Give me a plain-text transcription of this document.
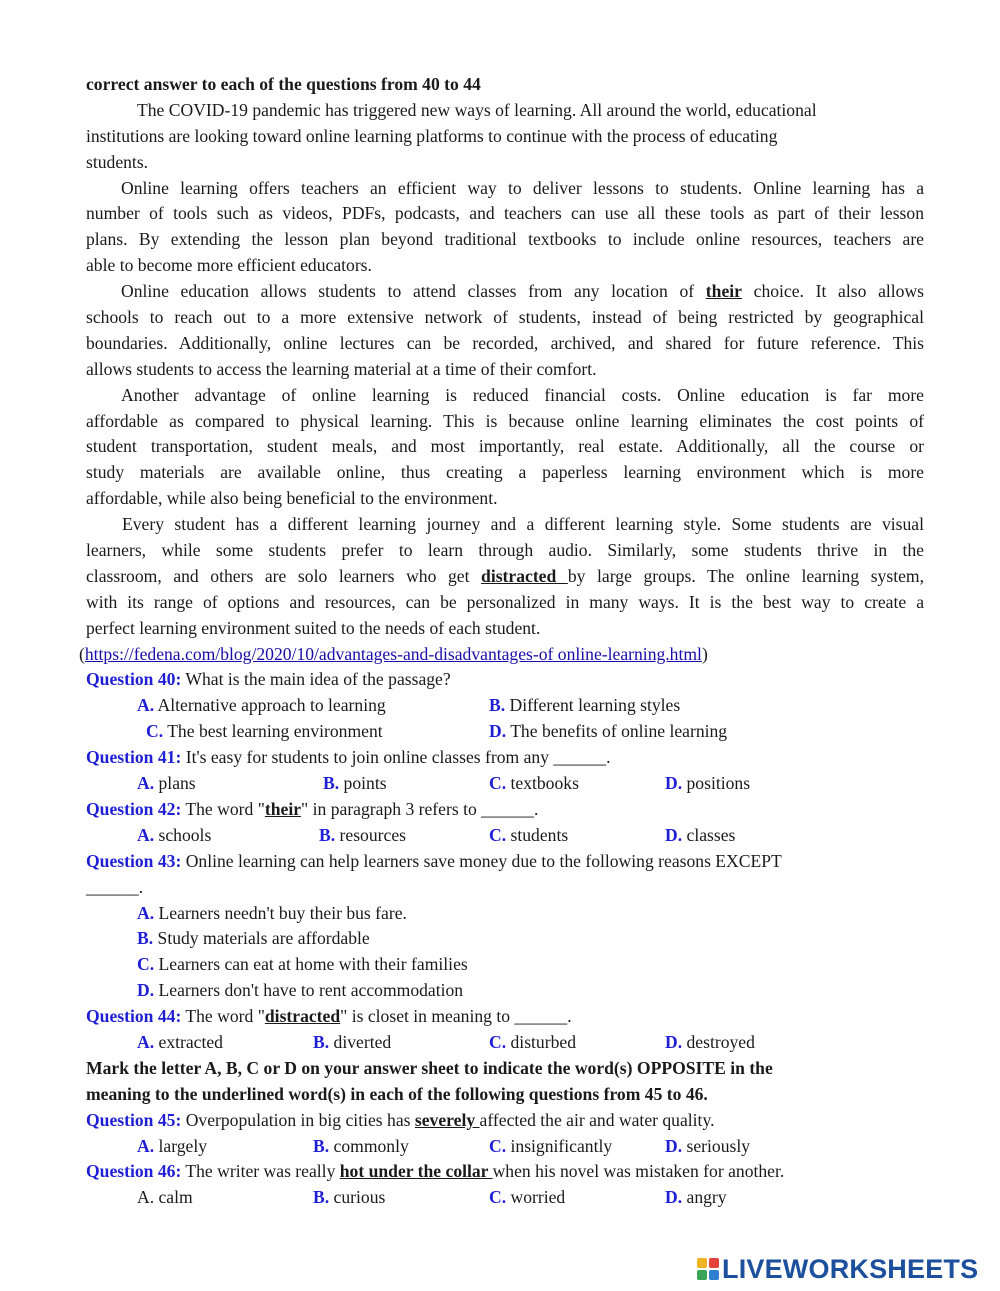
correct answer to each of the questions from 40 to 44
The COVID-19 pandemic has triggered new ways of learning. All around the world, educational
institutions are looking toward online learning platforms to continue with the process of educating
students.
Online learning offers teachers an efficient way to deliver lessons to students. Online learning has a
number of tools such as videos, PDFs, podcasts, and teachers can use all these tools as part of their lesson
plans. By extending the lesson plan beyond traditional textbooks to include online resources, teachers are
able to become more efficient educators.
Online education allows students to attend classes from any location of their choice. It also allows
schools to reach out to a more extensive network of students, instead of being restricted by geographical
boundaries. Additionally, online lectures can be recorded, archived, and shared for future reference. This
allows students to access the learning material at a time of their comfort.
Another advantage of online learning is reduced financial costs. Online education is far more
affordable as compared to physical learning. This is because online learning eliminates the cost points of
student transportation, student meals, and most importantly, real estate. Additionally, all the course or
study materials are available online, thus creating a paperless learning environment which is more
affordable, while also being beneficial to the environment.
Every student has a different learning journey and a different learning style. Some students are visual
learners, while some students prefer to learn through audio. Similarly, some students thrive in the
classroom, and others are solo learners who get distracted by large groups. The online learning system,
with its range of options and resources, can be personalized in many ways. It is the best way to create a
perfect learning environment suited to the needs of each student.
(https://fedena.com/blog/2020/10/advantages-and-disadvantages-of online-learning.html)
Question 40: What is the main idea of the passage?
A. Alternative approach to learning	B. Different learning styles
C. The best learning environment	D. The benefits of online learning
Question 41: It's easy for students to join online classes from any ______.
A. plans	B. points	C. textbooks	D. positions
Question 42: The word "their" in paragraph 3 refers to ______.
A. schools	B. resources	C. students	D. classes
Question 43: Online learning can help learners save money due to the following reasons EXCEPT
______.
A. Learners needn't buy their bus fare.
B. Study materials are affordable
C. Learners can eat at home with their families
D. Learners don't have to rent accommodation
Question 44: The word "distracted" is closet in meaning to ______.
A. extracted	B. diverted	C. disturbed	D. destroyed
Mark the letter A, B, C or D on your answer sheet to indicate the word(s) OPPOSITE in the
meaning to the underlined word(s) in each of the following questions from 45 to 46.
Question 45: Overpopulation in big cities has severely affected the air and water quality.
A. largely	B. commonly	C. insignificantly	D. seriously
Question 46: The writer was really hot under the collar when his novel was mistaken for another.
A. calm	B. curious	C. worried	D. angry
LIVEWORKSHEETS
